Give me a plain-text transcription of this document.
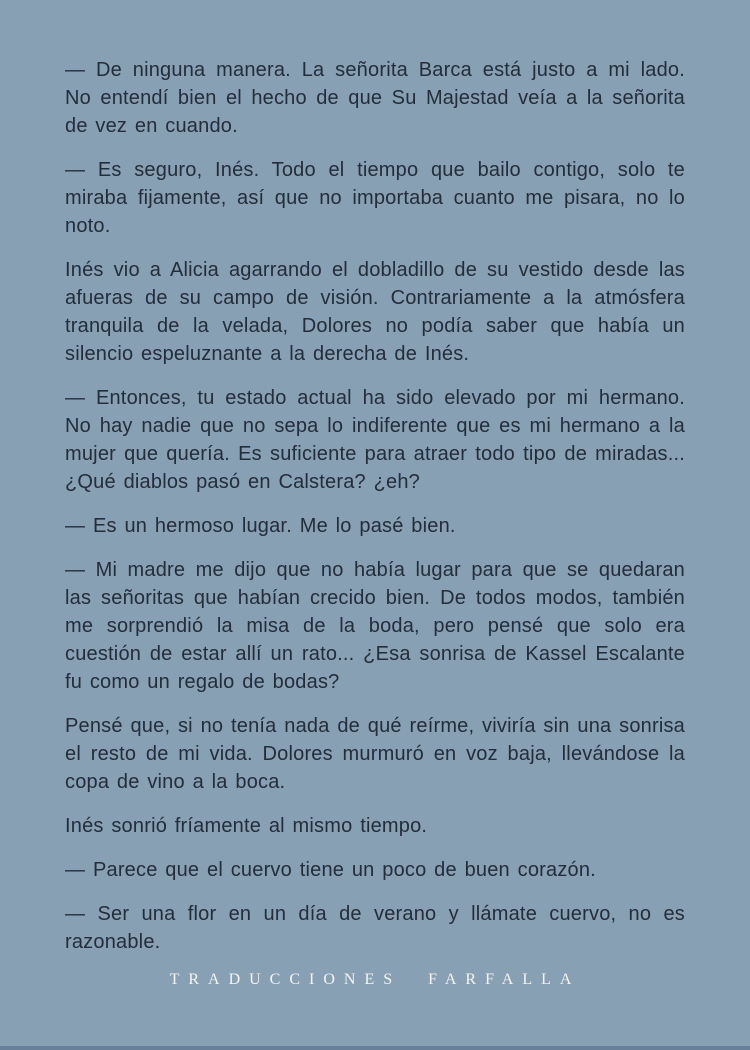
— De ninguna manera. La señorita Barca está justo a mi lado. No entendí bien el hecho de que Su Majestad veía a la señorita de vez en cuando.

— Es seguro, Inés. Todo el tiempo que bailo contigo, solo te miraba fijamente, así que no importaba cuanto me pisara, no lo noto.

Inés vio a Alicia agarrando el dobladillo de su vestido desde las afueras de su campo de visión. Contrariamente a la atmósfera tranquila de la velada, Dolores no podía saber que había un silencio espeluznante a la derecha de Inés.

— Entonces, tu estado actual ha sido elevado por mi hermano. No hay nadie que no sepa lo indiferente que es mi hermano a la mujer que quería. Es suficiente para atraer todo tipo de miradas... ¿Qué diablos pasó en Calstera? ¿eh?

— Es un hermoso lugar. Me lo pasé bien.

— Mi madre me dijo que no había lugar para que se quedaran las señoritas que habían crecido bien. De todos modos, también me sorprendió la misa de la boda, pero pensé que solo era cuestión de estar allí un rato... ¿Esa sonrisa de Kassel Escalante fu como un regalo de bodas?

Pensé que, si no tenía nada de qué reírme, viviría sin una sonrisa el resto de mi vida. Dolores murmuró en voz baja, llevándose la copa de vino a la boca.

Inés sonrió fríamente al mismo tiempo.

— Parece que el cuervo tiene un poco de buen corazón.

— Ser una flor en un día de verano y llámate cuervo, no es razonable.

TRADUCCIONES FARFALLA
